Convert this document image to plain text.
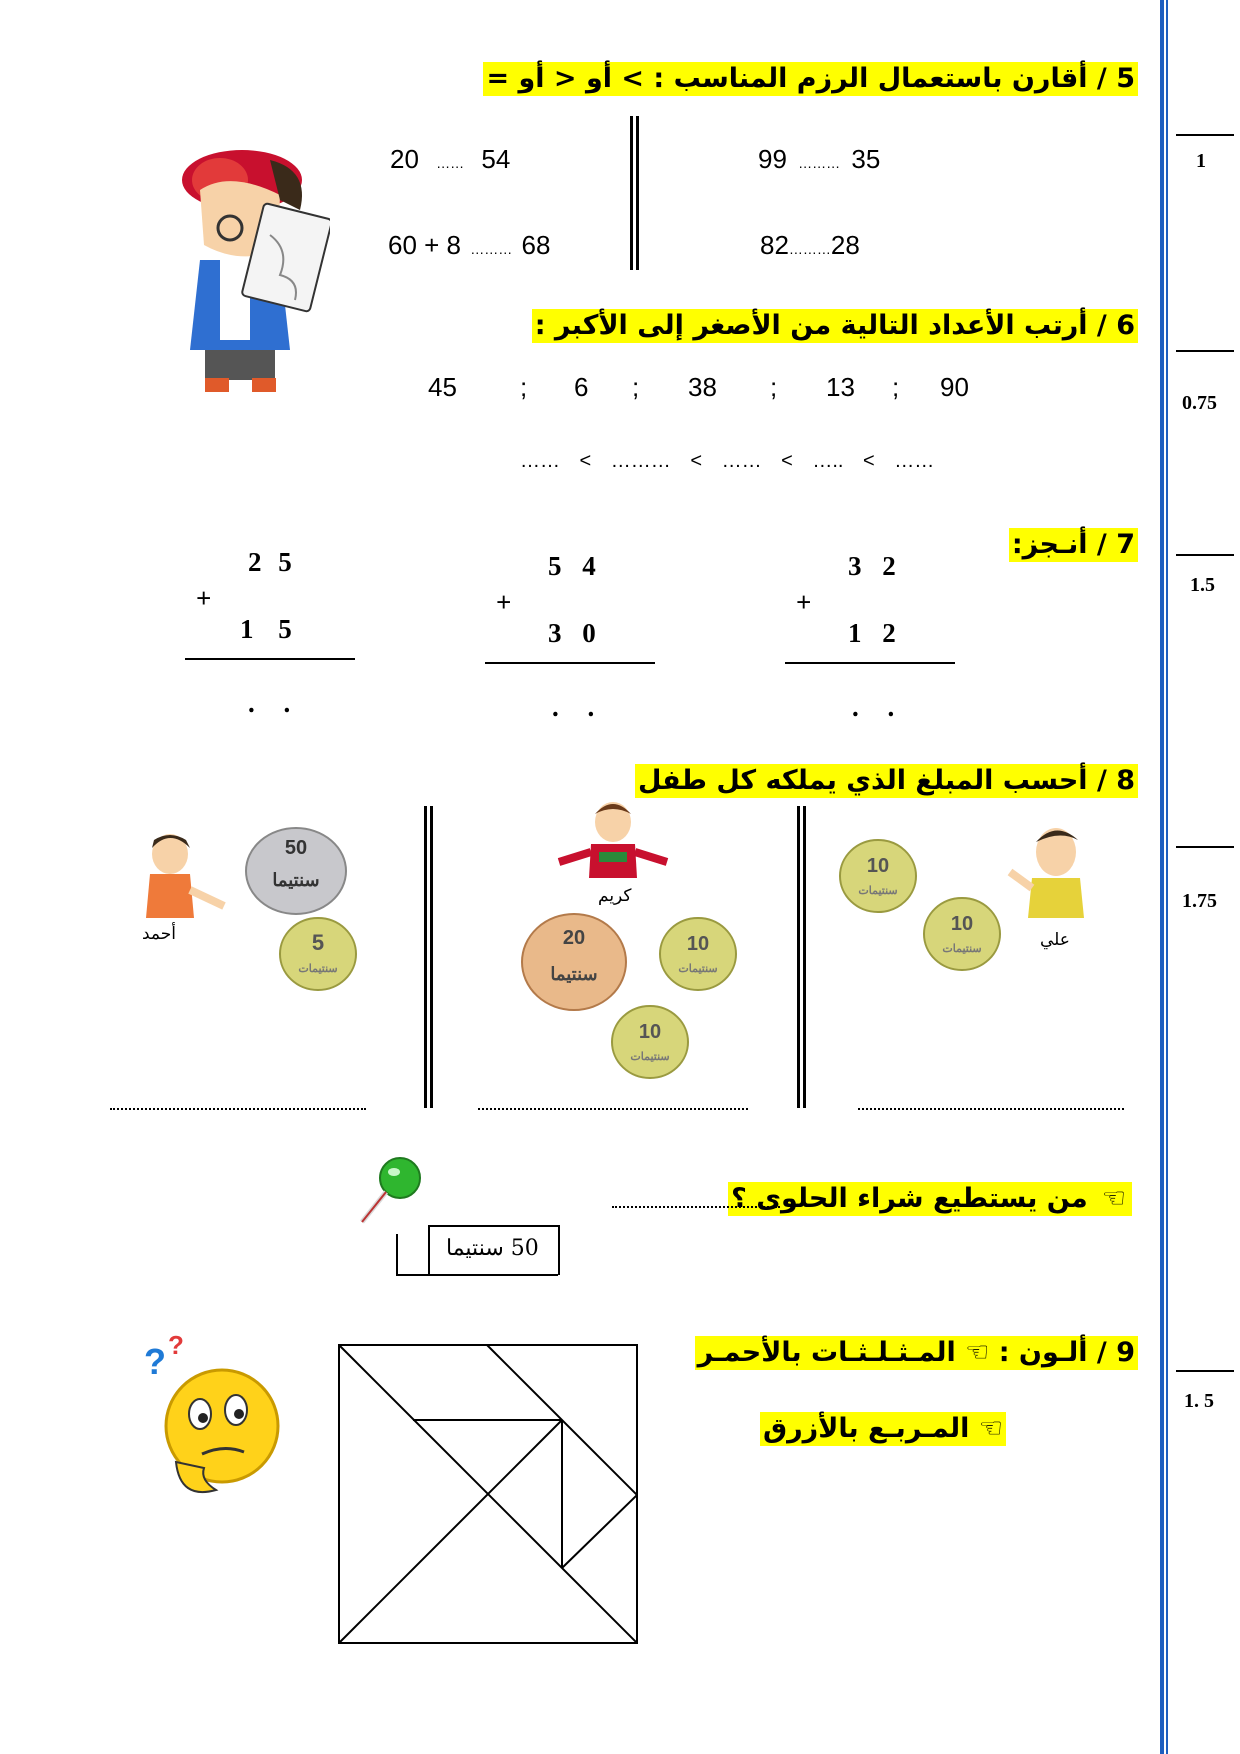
1
0.75
1.5
1.75
1. 5
5 / أقارن باستعمال الرزم المناسب : > أو < أو =
20 …… 54	99 ……… 35
60 + 8 ……… 68	82………28
6 / أرتب الأعداد التالية من الأصغر إلى الأكبر :
45 ; 6 ; 38 ; 13 ; 90
…… < ……… < …… < ….. < ……
7 / أنـجز:
2 5
+
1 5
. .
5 4
+
3 0
. .
3 2
+
1 2
. .
8 / أحسب المبلغ الذي يملكه كل طفل
أحمد
50
سنتيما
5
سنتيمات
كريم
20
سنتيما
10
سنتيمات
10
سنتيمات
10
سنتيمات
10
سنتيمات	علي
☜من يستطيع شراء الحلوى ؟
50 سنتيما
9 / ألـون : ☜ المـثـلـثـات بالأحمـر
☜ المـربـع بالأزرق
? ?
